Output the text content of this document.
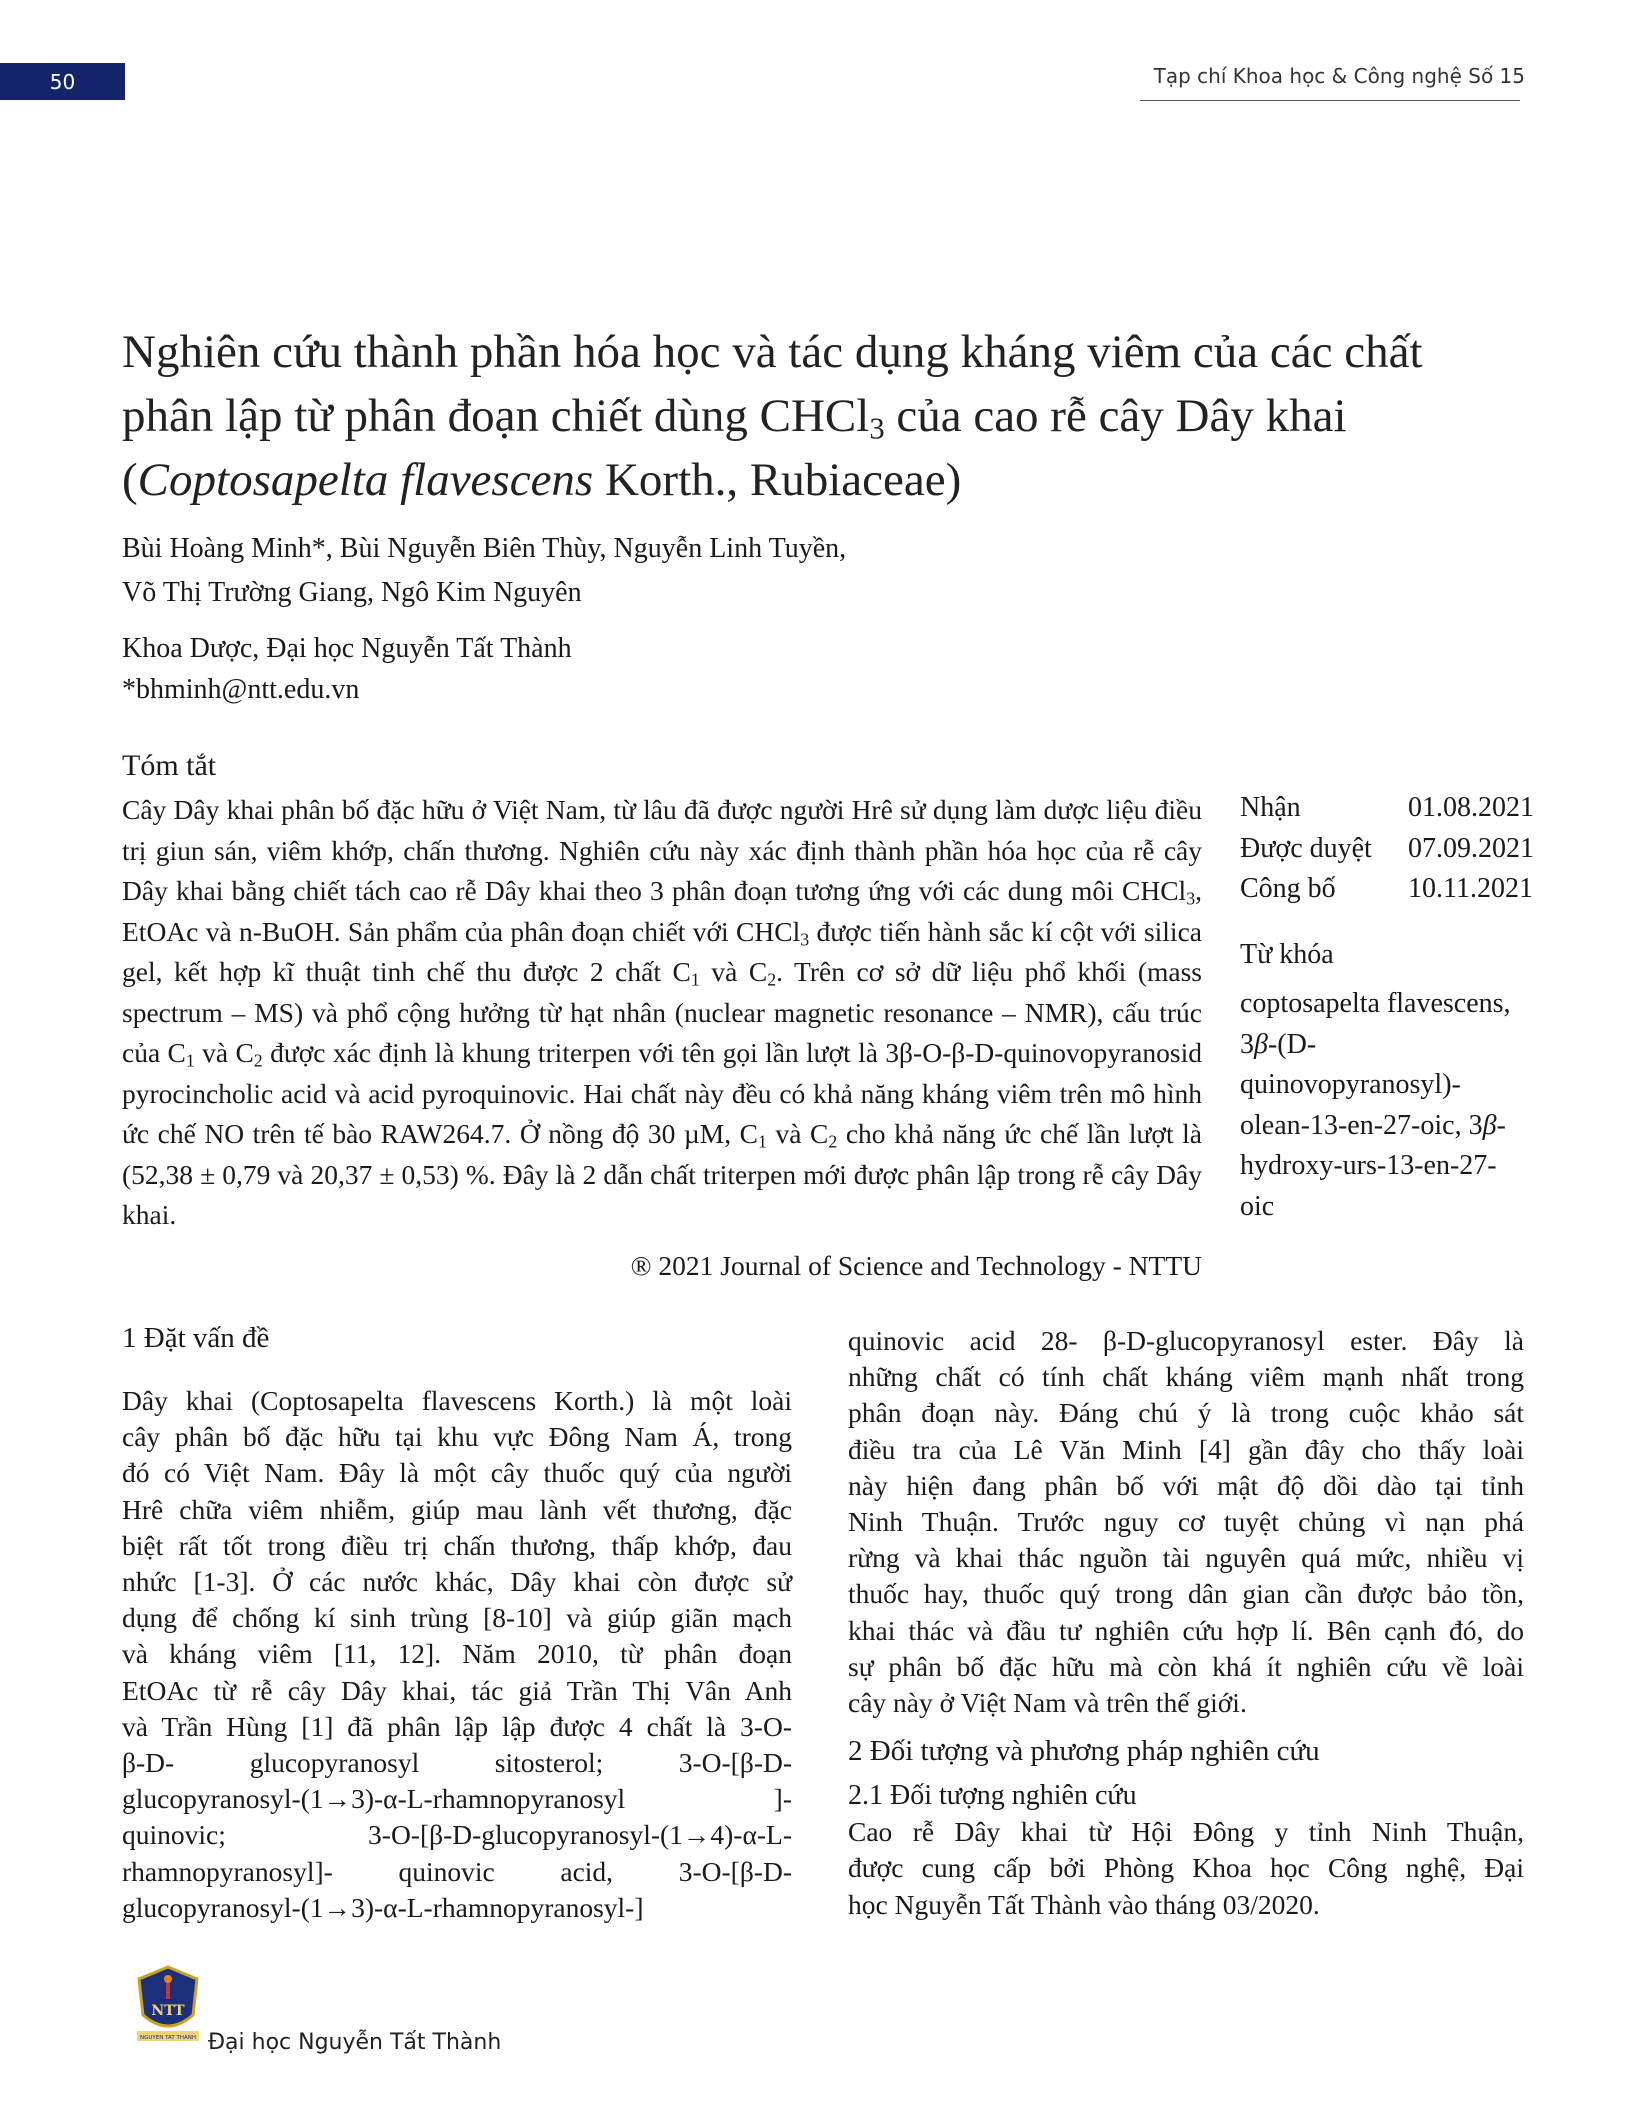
50	Tạp chí Khoa học & Công nghệ Số 15
Nghiên cứu thành phần hóa học và tác dụng kháng viêm của các chất
phân lập từ phân đoạn chiết dùng CHCl$_3$ của cao rễ cây Dây khai
(Coptosapelta flavescens Korth., Rubiaceae)
Bùi Hoàng Minh*, Bùi Nguyễn Biên Thùy, Nguyễn Linh Tuyền,
Võ Thị Trường Giang, Ngô Kim Nguyên
Khoa Dược, Đại học Nguyễn Tất Thành
*bhminh@ntt.edu.vn
Tóm tắt

Cây Dây khai phân bố đặc hữu ở Việt Nam, từ lâu đã được người Hrê sử dụng làm dược liệu điều trị giun sán, viêm khớp, chấn thương. Nghiên cứu này xác định thành phần hóa học của rễ cây Dây khai bằng chiết tách cao rễ Dây khai theo 3 phân đoạn tương ứng với các dung môi CHCl$_3$, EtOAc và n-BuOH. Sản phẩm của phân đoạn chiết với CHCl$_3$ được tiến hành sắc kí cột với silica gel, kết hợp kĩ thuật tinh chế thu được 2 chất $C_1$ và $C_2$. Trên cơ sở dữ liệu phổ khối (mass spectrum – MS) và phổ cộng hưởng từ hạt nhân (nuclear magnetic resonance – NMR), cấu trúc của $C_1$ và $C_2$ được xác định là khung triterpen với tên gọi lần lượt là 3β-O-β-D-quinovopyranosid pyrocincholic acid và acid pyroquinovic. Hai chất này đều có khả năng kháng viêm trên mô hình ức chế NO trên tế bào RAW264.7. Ở nồng độ 30 µM, $C_1$ và $C_2$ cho khả năng ức chế lần lượt là (52,38 ± 0,79 và 20,37 ± 0,53) %. Đây là 2 dẫn chất triterpen mới được phân lập trong rễ cây Dây khai.

® 2021 Journal of Science and Technology - NTTU
Nhận	01.08.2021
Được duyệt	07.09.2021
Công bố	10.11.2021
Từ khóa
coptosapelta flavescens,
3β-(D-
quinovopyranosyl)-
olean-13-en-27-oic, 3β-
hydroxy-urs-13-en-27-
oic
1 Đặt vấn đề
Dây khai (Coptosapelta flavescens Korth.) là một loài
cây phân bố đặc hữu tại khu vực Đông Nam Á, trong
đó có Việt Nam. Đây là một cây thuốc quý của người
Hrê chữa viêm nhiễm, giúp mau lành vết thương, đặc
biệt rất tốt trong điều trị chấn thương, thấp khớp, đau
nhức [1-3]. Ở các nước khác, Dây khai còn được sử
dụng để chống kí sinh trùng [8-10] và giúp giãn mạch
và kháng viêm [11, 12]. Năm 2010, từ phân đoạn
EtOAc từ rễ cây Dây khai, tác giả Trần Thị Vân Anh
và Trần Hùng [1] đã phân lập lập được 4 chất là 3-O-
β-D- glucopyranosyl sitosterol; 3-O-[β-D-
glucopyranosyl-(1→3)-α-L-rhamnopyranosyl ]-
quinovic; 3-O-[β-D-glucopyranosyl-(1→4)-α-L-
rhamnopyranosyl]- quinovic acid, 3-O-[β-D-
glucopyranosyl-(1→3)-α-L-rhamnopyranosyl-]
quinovic acid 28- β-D-glucopyranosyl ester. Đây là
những chất có tính chất kháng viêm mạnh nhất trong
phân đoạn này. Đáng chú ý là trong cuộc khảo sát
điều tra của Lê Văn Minh [4] gần đây cho thấy loài
này hiện đang phân bố với mật độ dồi dào tại tỉnh
Ninh Thuận. Trước nguy cơ tuyệt chủng vì nạn phá
rừng và khai thác nguồn tài nguyên quá mức, nhiều vị
thuốc hay, thuốc quý trong dân gian cần được bảo tồn,
khai thác và đầu tư nghiên cứu hợp lí. Bên cạnh đó, do
sự phân bố đặc hữu mà còn khá ít nghiên cứu về loài
cây này ở Việt Nam và trên thế giới.
2 Đối tượng và phương pháp nghiên cứu
2.1 Đối tượng nghiên cứu
Cao rễ Dây khai từ Hội Đông y tỉnh Ninh Thuận,
được cung cấp bởi Phòng Khoa học Công nghệ, Đại
học Nguyễn Tất Thành vào tháng 03/2020.
NTT
NGUYEN TAT THANH Đại học Nguyễn Tất Thành
